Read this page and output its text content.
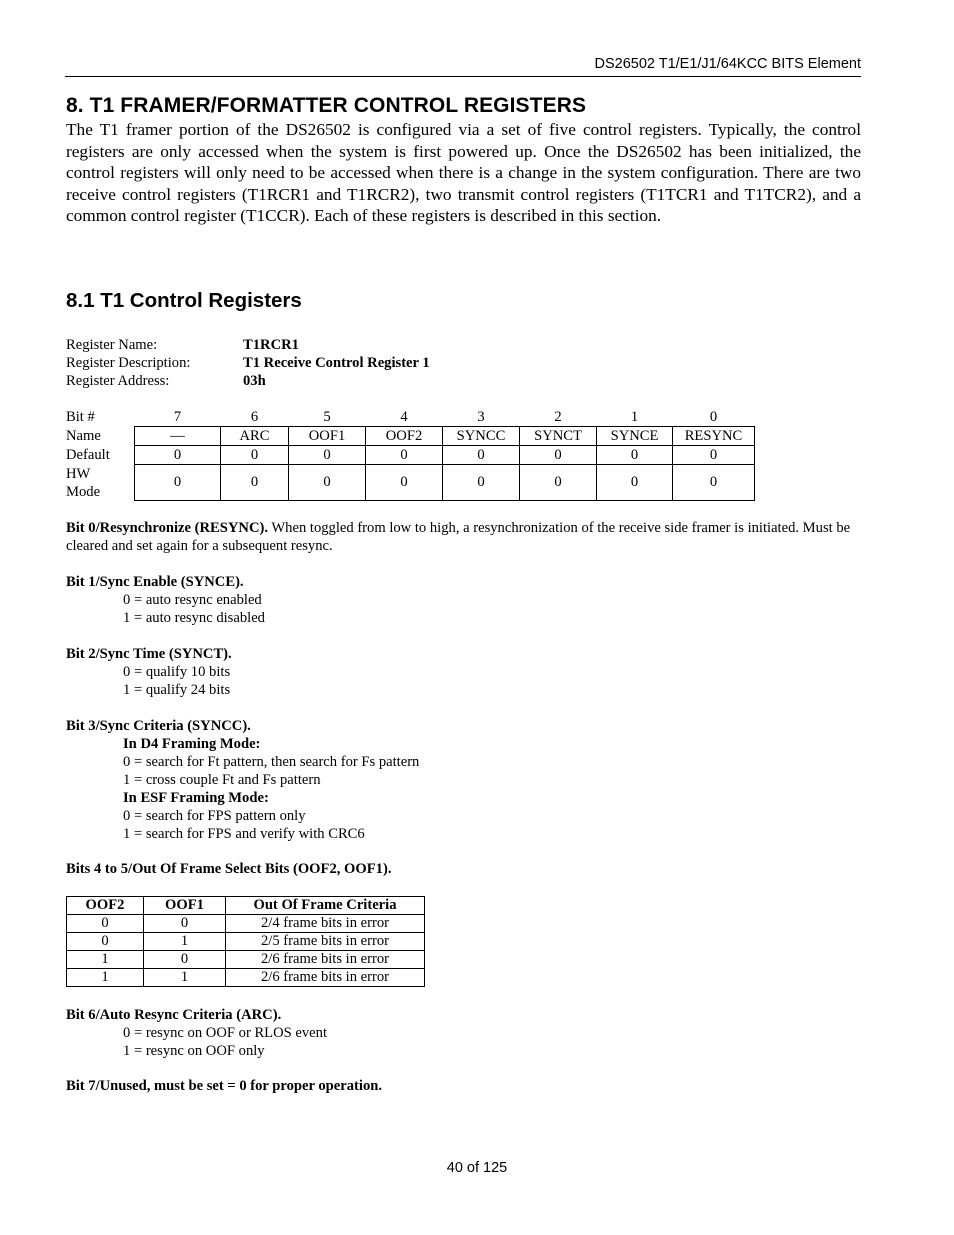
DS26502 T1/E1/J1/64KCC BITS Element
8. T1 FRAMER/FORMATTER CONTROL REGISTERS
The T1 framer portion of the DS26502 is configured via a set of five control registers. Typically, the control registers are only accessed when the system is first powered up. Once the DS26502 has been initialized, the control registers will only need to be accessed when there is a change in the system configuration. There are two receive control registers (T1RCR1 and T1RCR2), two transmit control registers (T1TCR1 and T1TCR2), and a common control register (T1CCR). Each of these registers is described in this section.
8.1 T1 Control Registers
Register Name:	T1RCR1
Register Description:	T1 Receive Control Register 1
Register Address:	03h
Bit #	7	6	5	4	3	2	1	0
Name	—	ARC	OOF1	OOF2	SYNCC	SYNCT	SYNCE	RESYNC
Default	0	0	0	0	0	0	0	0
HW
Mode	0	0	0	0	0	0	0	0
Bit 0/Resynchronize (RESYNC). When toggled from low to high, a resynchronization of the receive side framer is initiated. Must be cleared and set again for a subsequent resync.
Bit 1/Sync Enable (SYNCE).
0 = auto resync enabled
1 = auto resync disabled
Bit 2/Sync Time (SYNCT).
0 = qualify 10 bits
1 = qualify 24 bits
Bit 3/Sync Criteria (SYNCC).
In D4 Framing Mode:
0 = search for Ft pattern, then search for Fs pattern
1 = cross couple Ft and Fs pattern
In ESF Framing Mode:
0 = search for FPS pattern only
1 = search for FPS and verify with CRC6
Bits 4 to 5/Out Of Frame Select Bits (OOF2, OOF1).
OOF2	OOF1	Out Of Frame Criteria
0	0	2/4 frame bits in error
0	1	2/5 frame bits in error
1	0	2/6 frame bits in error
1	1	2/6 frame bits in error
Bit 6/Auto Resync Criteria (ARC).
0 = resync on OOF or RLOS event
1 = resync on OOF only
Bit 7/Unused, must be set = 0 for proper operation.
40 of 125
